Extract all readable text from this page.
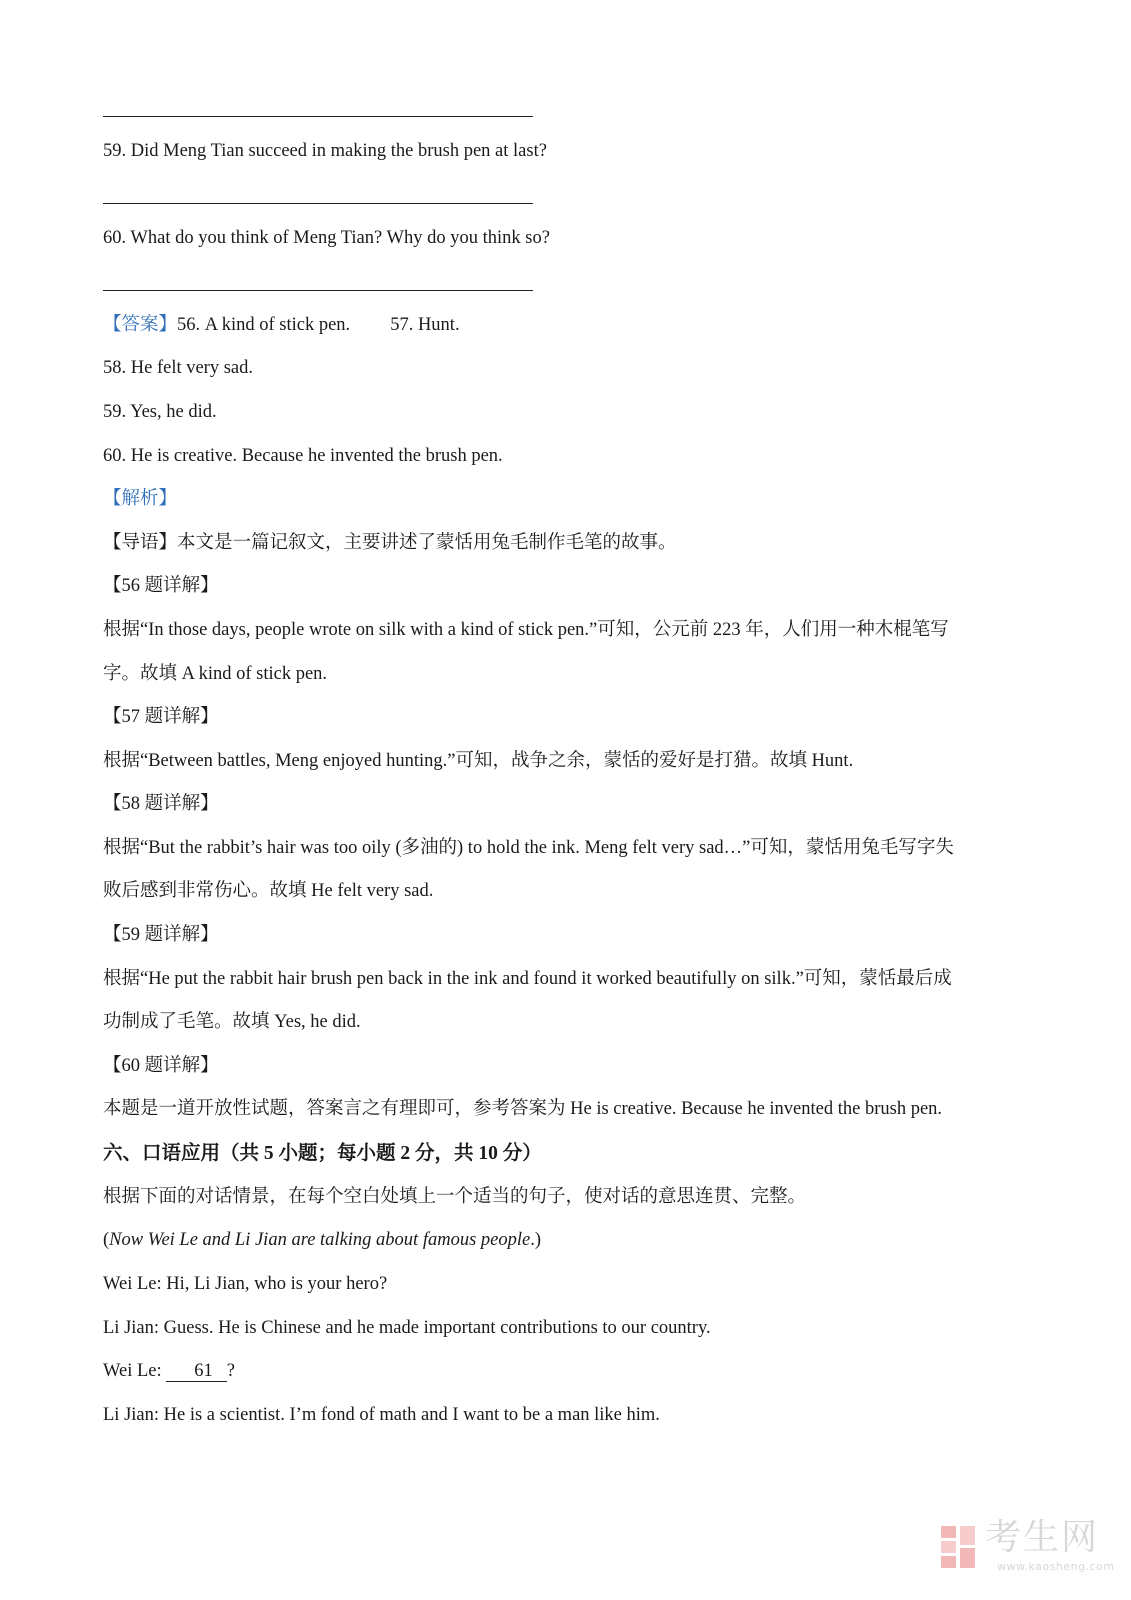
59. Did Meng Tian succeed in making the brush pen at last?
60. What do you think of Meng Tian? Why do you think so?
【答案】56. A kind of stick pen. 57. Hunt.
58. He felt very sad.
59. Yes, he did.
60. He is creative. Because he invented the brush pen.
【解析】
【导语】本文是一篇记叙文，主要讲述了蒙恬用兔毛制作毛笔的故事。
【56 题详解】
根据“In those days, people wrote on silk with a kind of stick pen.”可知，公元前 223 年，人们用一种木棍笔写
字。故填 A kind of stick pen.
【57 题详解】
根据“Between battles, Meng enjoyed hunting.”可知，战争之余，蒙恬的爱好是打猎。故填 Hunt.
【58 题详解】
根据“But the rabbit’s hair was too oily (多油的) to hold the ink. Meng felt very sad…”可知，蒙恬用兔毛写字失
败后感到非常伤心。故填 He felt very sad.
【59 题详解】
根据“He put the rabbit hair brush pen back in the ink and found it worked beautifully on silk.”可知，蒙恬最后成
功制成了毛笔。故填 Yes, he did.
【60 题详解】
本题是一道开放性试题，答案言之有理即可，参考答案为 He is creative. Because he invented the brush pen.
六、口语应用（共 5 小题；每小题 2 分，共 10 分）
根据下面的对话情景，在每个空白处填上一个适当的句子，使对话的意思连贯、完整。
(Now Wei Le and Li Jian are talking about famous people.)
Wei Le: Hi, Li Jian, who is your hero?
Li Jian: Guess. He is Chinese and he made important contributions to our country.
Wei Le: 61 ?
Li Jian: He is a scientist. I’m fond of math and I want to be a man like him.
考生网
www.kaosheng.com
